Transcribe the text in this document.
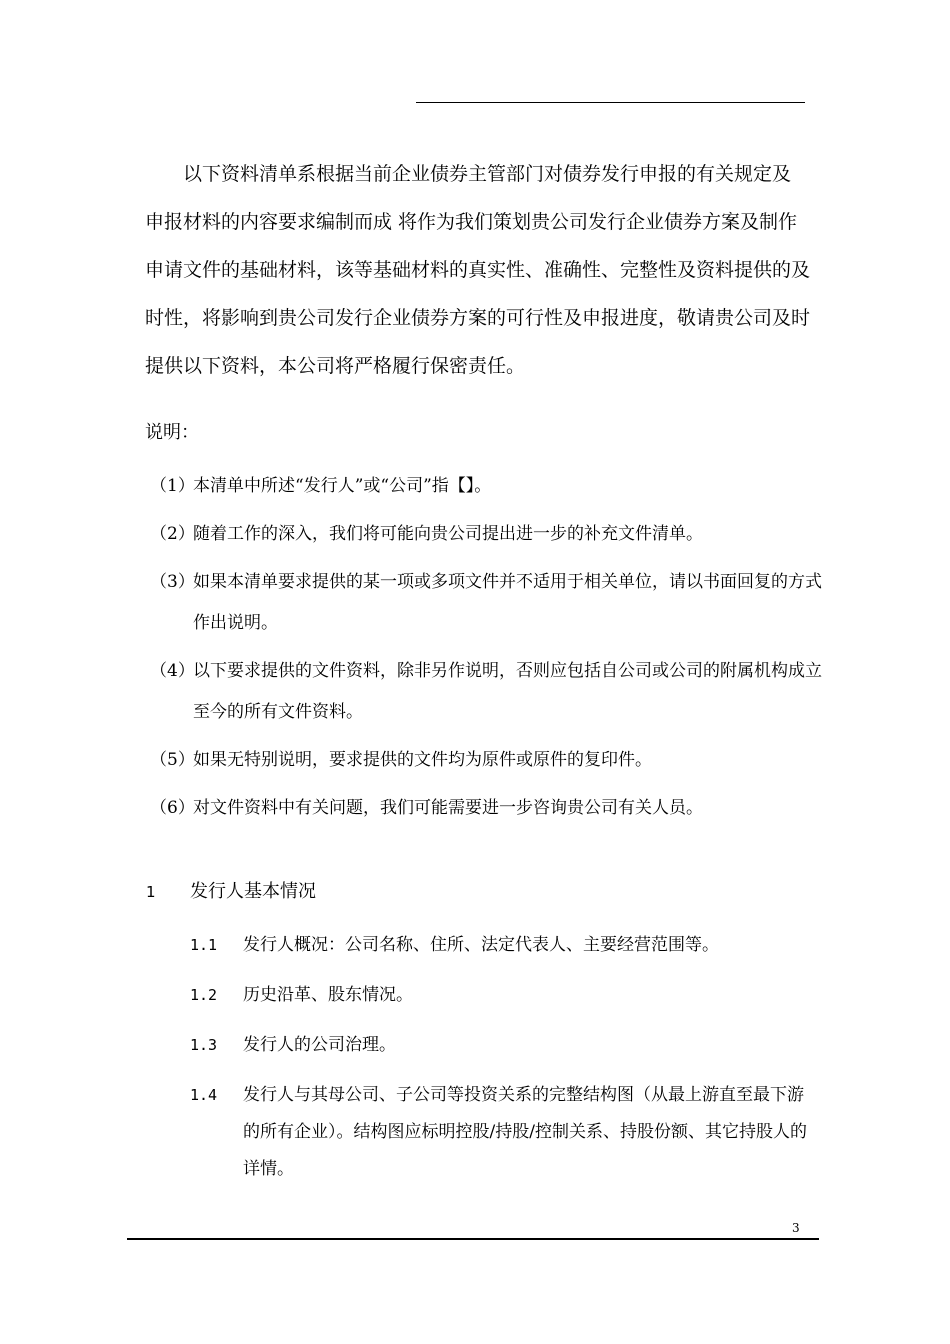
以下资料清单系根据当前企业债券主管部门对债券发行申报的有关规定及
申报材料的内容要求编制而成 将作为我们策划贵公司发行企业债券方案及制作
申请文件的基础材料，该等基础材料的真实性、准确性、完整性及资料提供的及
时性，将影响到贵公司发行企业债券方案的可行性及申报进度，敬请贵公司及时
提供以下资料，本公司将严格履行保密责任。
说明：
（1）
本清单中所述“发行人”或“公司”指【】。
（2）
随着工作的深入，我们将可能向贵公司提出进一步的补充文件清单。
（3）
如果本清单要求提供的某一项或多项文件并不适用于相关单位，请以书面回复的方式作出说明。
（4）
以下要求提供的文件资料，除非另作说明，否则应包括自公司或公司的附属机构成立至今的所有文件资料。
（5）
如果无特别说明，要求提供的文件均为原件或原件的复印件。
（6）
对文件资料中有关问题，我们可能需要进一步咨询贵公司有关人员。
1 发行人基本情况
1.1 发行人概况：公司名称、住所、法定代表人、主要经营范围等。
1.2 历史沿革、股东情况。
1.3 发行人的公司治理。
1.4 发行人与其母公司、子公司等投资关系的完整结构图（从最上游直至最下游的所有企业）。结构图应标明控股/持股/控制关系、持股份额、其它持股人的详情。
3
